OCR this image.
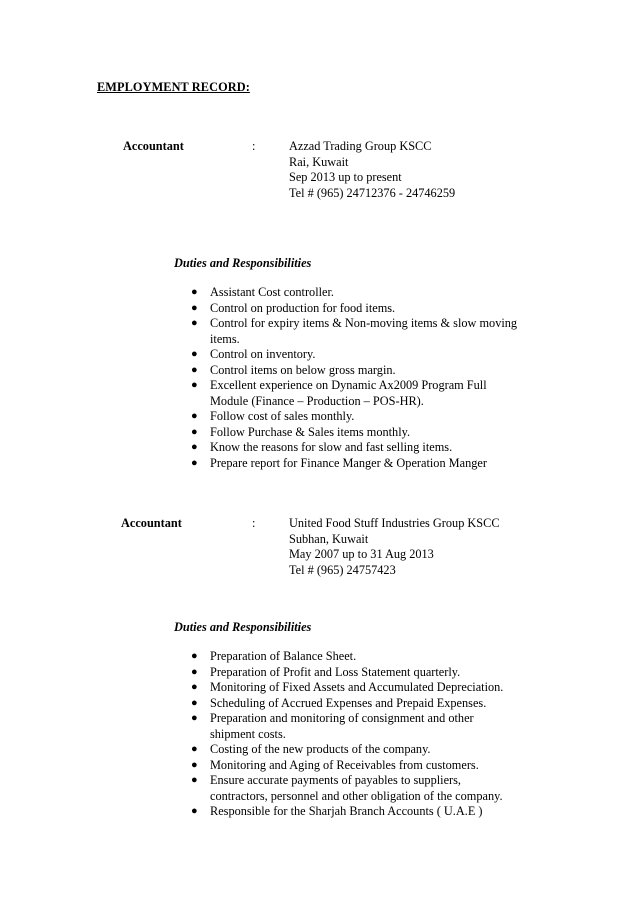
EMPLOYMENT RECORD:
Accountant	:	Azzad Trading Group KSCC
Rai, Kuwait
Sep 2013 up to present
Tel # (965) 24712376 - 24746259
Duties and Responsibilities
● Assistant Cost controller.
● Control on production for food items.
● Control for expiry items & Non-moving items & slow moving items.
● Control on inventory.
● Control items on below gross margin.
● Excellent experience on Dynamic Ax2009 Program Full Module (Finance – Production – POS-HR).
● Follow cost of sales monthly.
● Follow Purchase & Sales items monthly.
● Know the reasons for slow and fast selling items.
● Prepare report for Finance Manger & Operation Manger
Accountant	:	United Food Stuff Industries Group KSCC
Subhan, Kuwait
May 2007 up to 31 Aug 2013
Tel # (965) 24757423
Duties and Responsibilities
● Preparation of Balance Sheet.
● Preparation of Profit and Loss Statement quarterly.
● Monitoring of Fixed Assets and Accumulated Depreciation.
● Scheduling of Accrued Expenses and Prepaid Expenses.
● Preparation and monitoring of consignment and other shipment costs.
● Costing of the new products of the company.
● Monitoring and Aging of Receivables from customers.
● Ensure accurate payments of payables to suppliers, contractors, personnel and other obligation of the company.
● Responsible for the Sharjah Branch Accounts ( U.A.E )
